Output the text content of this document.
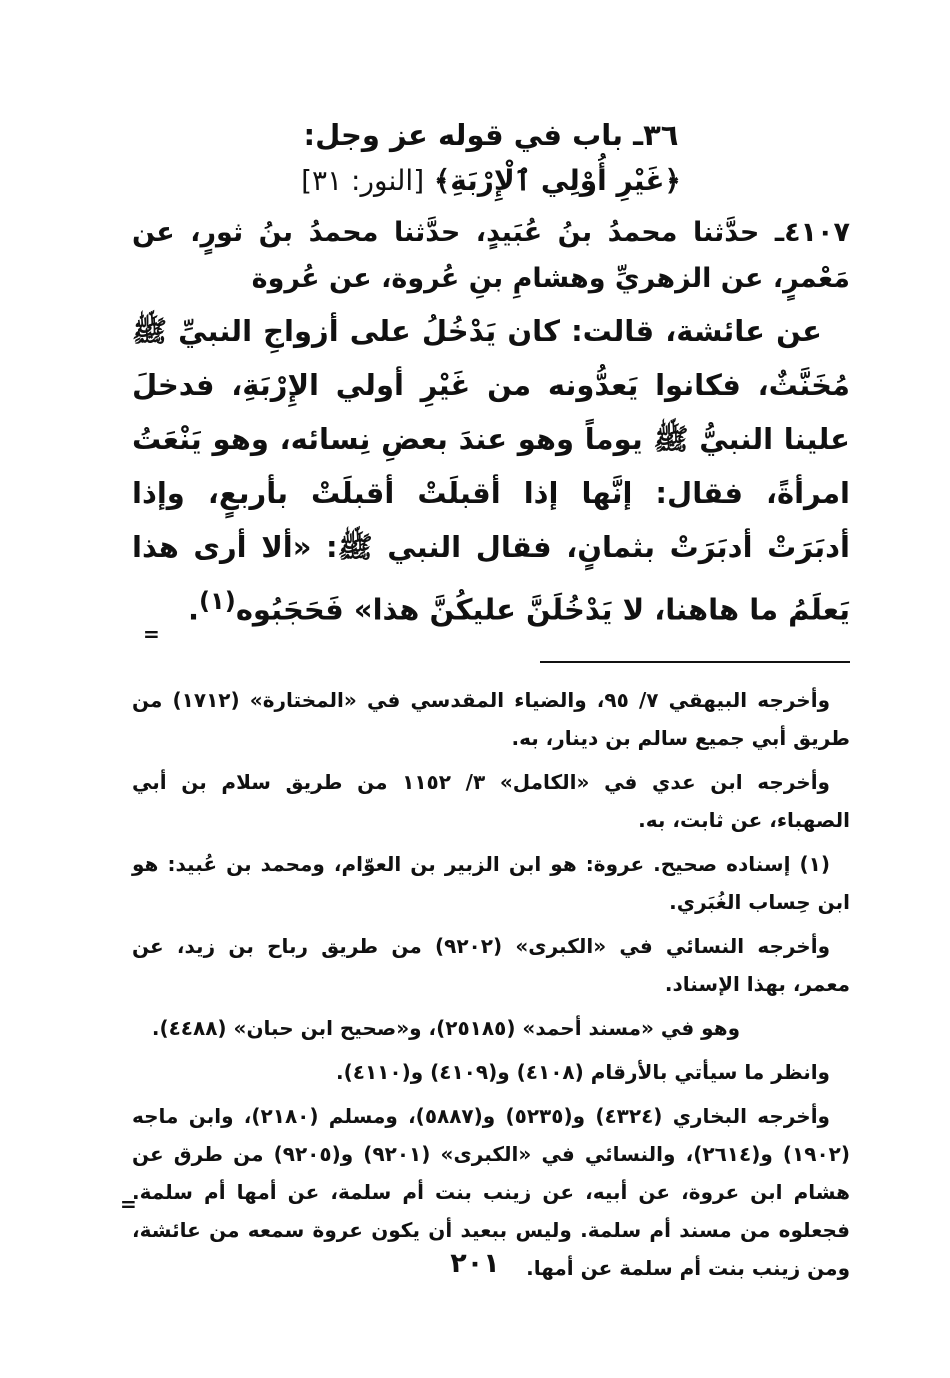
٣٦ـ باب في قوله عز وجل:

﴿غَيْرِ أُوْلِي ٱلْإِرْبَةِ﴾ [النور: ٣١]

٤١٠٧ـ حدَّثنا محمدُ بنُ عُبَيدٍ، حدَّثنا محمدُ بنُ ثورٍ، عن مَعْمرٍ، عن الزهريِّ وهشامِ بنِ عُروة، عن عُروة

عن عائشة، قالت: كان يَدْخُلُ على أزواجِ النبيِّ ﷺ مُخَنَّثٌ، فكانوا يَعدُّونه من غَيْرِ أولي الإِرْبَةِ، فدخلَ علينا النبيُّ ﷺ يوماً وهو عندَ بعضِ نِسائه، وهو يَنْعَتُ امرأةً، فقال: إنَّها إذا أقبلَتْ أقبلَتْ بأربعٍ، وإذا أدبَرَتْ أدبَرَتْ بثمانٍ، فقال النبي ﷺ: «ألا أرى هذا يَعلَمُ ما هاهنا، لا يَدْخُلَنَّ عليكُنَّ هذا» فَحَجَبُوه$^{(١)}$.

وأخرجه البيهقي ٧/ ٩٥، والضياء المقدسي في «المختارة» (١٧١٢) من طريق أبي جميع سالم بن دينار، به.

وأخرجه ابن عدي في «الكامل» ٣/ ١١٥٢ من طريق سلام بن أبي الصهباء، عن ثابت، به.

(١) إسناده صحيح. عروة: هو ابن الزبير بن العوّام، ومحمد بن عُبيد: هو ابن حِساب الغُبَري.

وأخرجه النسائي في «الكبرى» (٩٢٠٢) من طريق رباح بن زيد، عن معمر، بهذا الإسناد.

وهو في «مسند أحمد» (٢٥١٨٥)، و«صحيح ابن حبان» (٤٤٨٨).

وانظر ما سيأتي بالأرقام (٤١٠٨) و(٤١٠٩) و(٤١١٠).

وأخرجه البخاري (٤٣٢٤) و(٥٢٣٥) و(٥٨٨٧)، ومسلم (٢١٨٠)، وابن ماجه (١٩٠٢) و(٢٦١٤)، والنسائي في «الكبرى» (٩٢٠١) و(٩٢٠٥) من طرق عن هشام ابن عروة، عن أبيه، عن زينب بنت أم سلمة، عن أمها أم سلمة. فجعلوه من مسند أم سلمة. وليس ببعيد أن يكون عروة سمعه من عائشة، ومن زينب بنت أم سلمة عن أمها.

=
=
٢٠١
